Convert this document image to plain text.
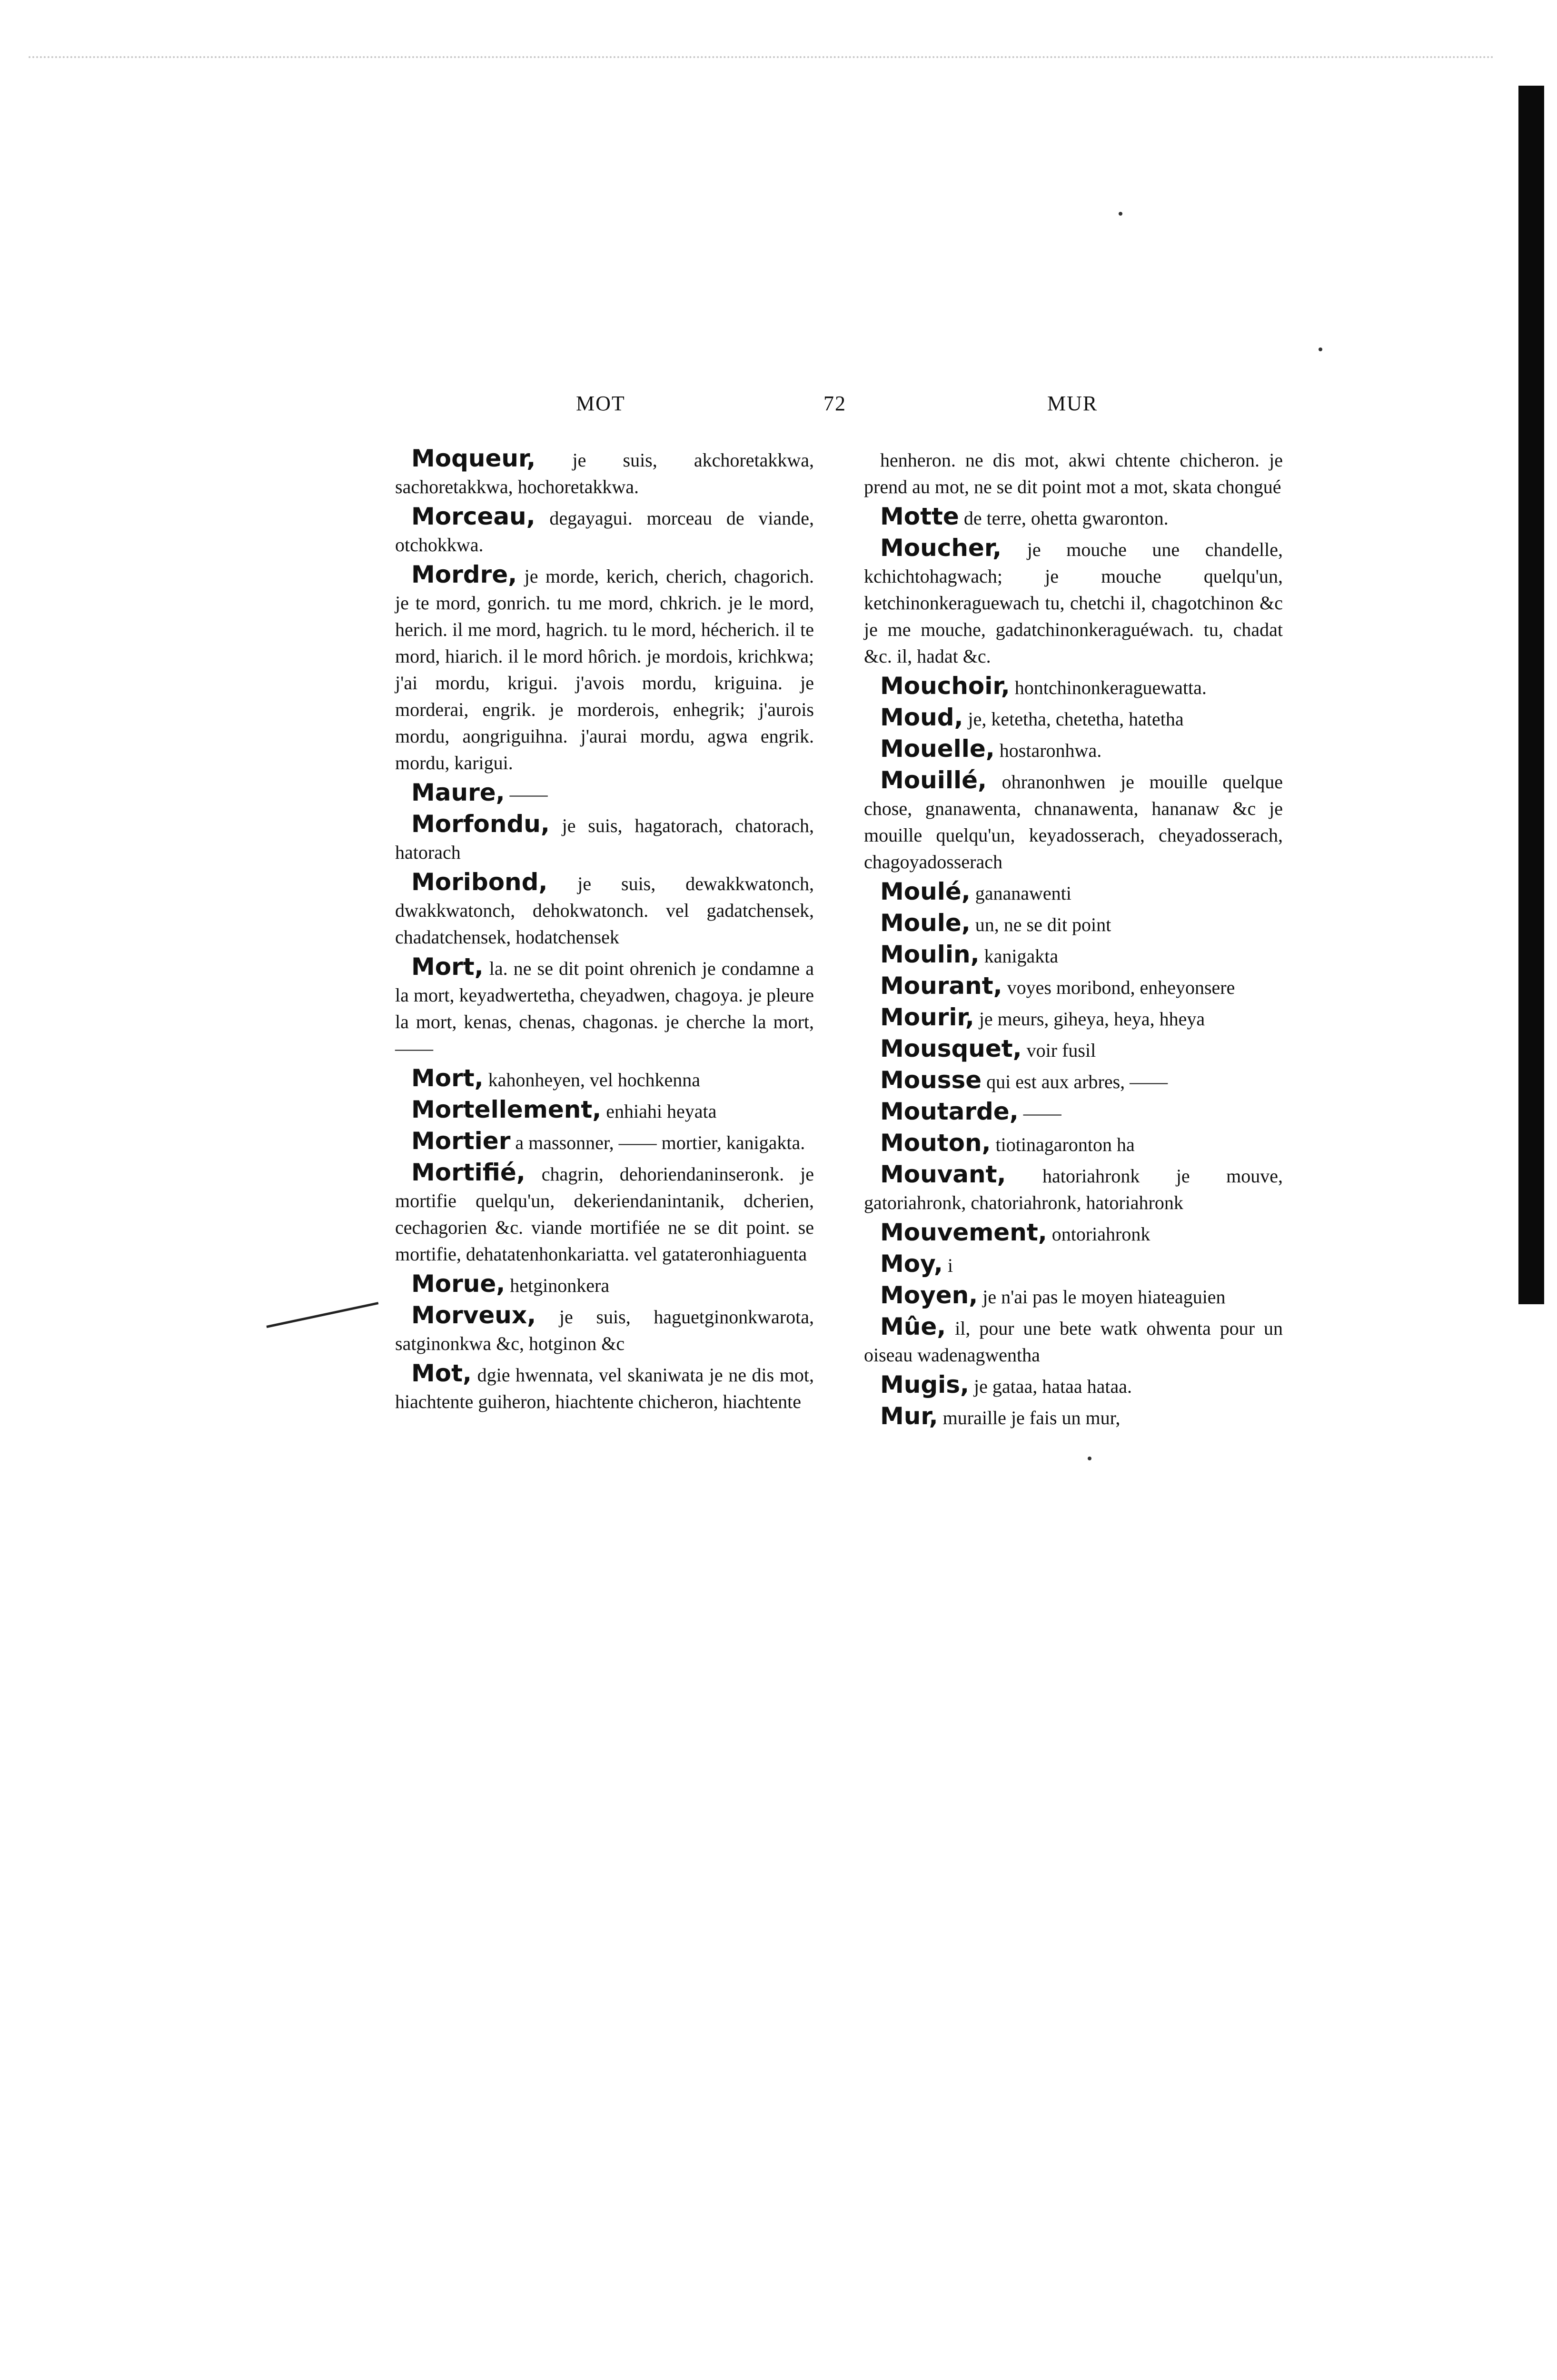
MOT	72	MUR

Moqueur, je suis, akchoretakkwa, sachoretakkwa, hochoretakkwa.

Morceau, degayagui. morceau de viande, otchokkwa.

Mordre, je morde, kerich, cherich, chagorich. je te mord, gonrich. tu me mord, chkrich. je le mord, herich. il me mord, hagrich. tu le mord, hécherich. il te mord, hiarich. il le mord hôrich. je mordois, krichkwa; j'ai mordu, krigui. j'avois mordu, kriguina. je morderai, engrik. je morderois, enhegrik; j'aurois mordu, aongriguihna. j'aurai mordu, agwa engrik. mordu, karigui.

Maure, ——

Morfondu, je suis, hagatorach, chatorach, hatorach

Moribond, je suis, dewakkwatonch, dwakkwatonch, dehokwatonch. vel gadatchensek, chadatchensek, hodatchensek

Mort, la. ne se dit point ohrenich je condamne a la mort, keyadwertetha, cheyadwen, chagoya. je pleure la mort, kenas, chenas, chagonas. je cherche la mort, ——

Mort, kahonheyen, vel hochkenna

Mortellement, enhiahi heyata

Mortier a massonner, —— mortier, kanigakta.

Mortifié, chagrin, dehoriendaninseronk. je mortifie quelqu'un, dekeriendanintanik, dcherien, cechagorien &c. viande mortifiée ne se dit point. se mortifie, dehatatenhonkariatta. vel gatateronhiaguenta

Morue, hetginonkera

Morveux, je suis, haguetginonkwarota, satginonkwa &c, hotginon &c

Mot, dgie hwennata, vel skaniwata je ne dis mot, hiachtente guiheron, hiachtente chicheron, hiachtente

henheron. ne dis mot, akwi chtente chicheron. je prend au mot, ne se dit point mot a mot, skata chongué

Motte de terre, ohetta gwaronton.

Moucher, je mouche une chandelle, kchichtohagwach; je mouche quelqu'un, ketchinonkeraguewach tu, chetchi il, chagotchinon &c je me mouche, gadatchinonkeraguéwach. tu, chadat &c. il, hadat &c.

Mouchoir, hontchinonkeraguewatta.

Moud, je, ketetha, chetetha, hatetha

Mouelle, hostaronhwa.

Mouillé, ohranonhwen je mouille quelque chose, gnanawenta, chnanawenta, hananaw &c je mouille quelqu'un, keyadosserach, cheyadosserach, chagoyadosserach

Moulé, gananawenti

Moule, un, ne se dit point

Moulin, kanigakta

Mourant, voyes moribond, enheyonsere

Mourir, je meurs, giheya, heya, hheya

Mousquet, voir fusil

Mousse qui est aux arbres, ——

Moutarde, ——

Mouton, tiotinagaronton ha

Mouvant, hatoriahronk je mouve, gatoriahronk, chatoriahronk, hatoriahronk

Mouvement, ontoriahronk

Moy, i

Moyen, je n'ai pas le moyen hiateaguien

Mûe, il, pour une bete watk ohwenta pour un oiseau wadenagwentha

Mugis, je gataa, hataa hataa.

Mur, muraille je fais un mur,
